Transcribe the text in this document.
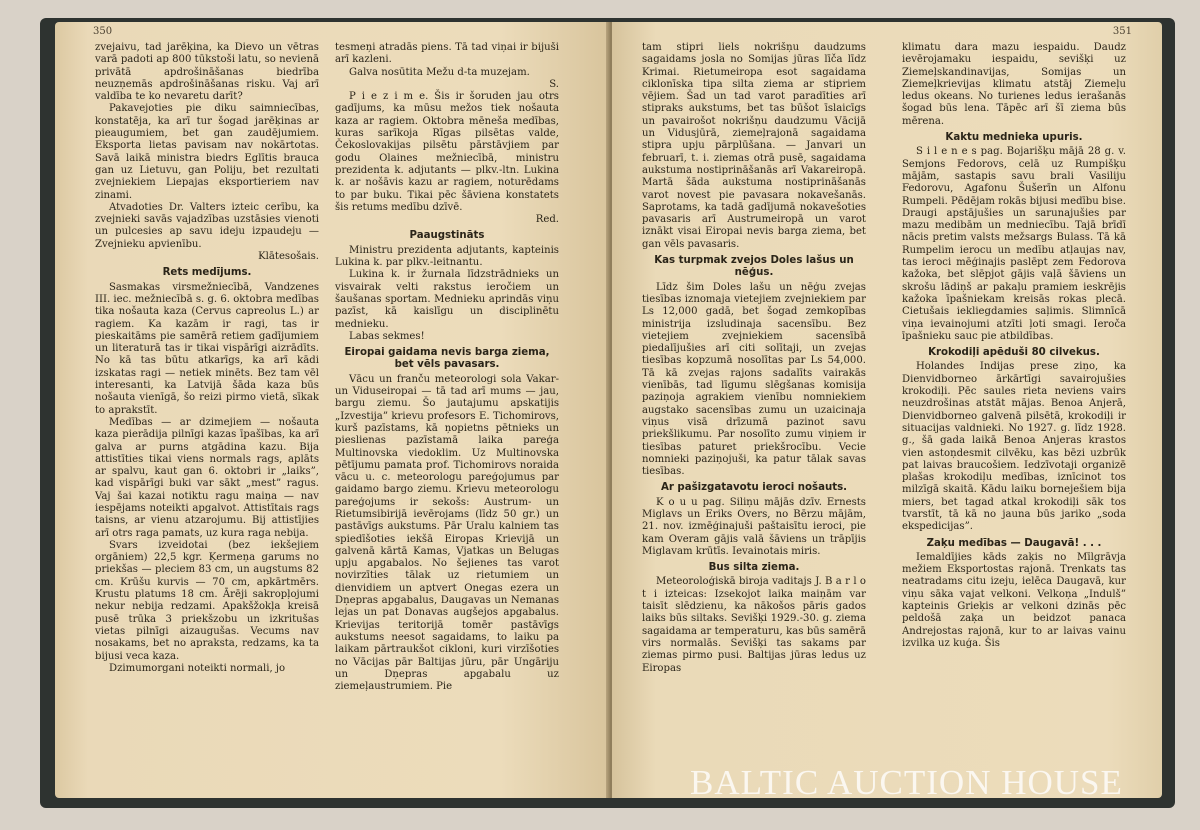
350

zvejaivu, tad jarēķina, ka Dievo un vētras varā padoti ap 800 tūkstoši latu, so nevienā privātā apdrošināšanas biedrība neuzņemās apdrošināšanas risku. Vaj arī valdība te ko nevaretu darīt?

Pakavejoties pie diku saimniecības, konstatēja, ka arī tur šogad jarēķinas ar pieaugumiem, bet gan zaudējumiem. Eksporta lietas pavisam nav nokārtotas. Savā laikā ministra biedrs Eglītis brauca gan uz Lietuvu, gan Poliju, bet rezultati zvejniekiem Liepajas eksportieriem nav zinami.

Atvadoties Dr. Valters izteic cerību, ka zvejnieki savās vajadzības uzstāsies vienoti un pulcesies ap savu ideju izpaudeju — Zvejnieku apvienību.

Klātesošais.

Rets medījums.

Sasmakas virsmežniecībā, Vandzenes III. iec. mežniecībā s. g. 6. oktobra medības tika nošauta kaza (Cervus capreolus L.) ar ragiem. Ka kazām ir ragi, tas ir pieskaitāms pie samērā retiem gadījumiem un literaturā tas ir tikai vispārīgi aizrādīts. No kā tas būtu atkarīgs, ka arī kādi izskatas ragi — netiek minēts. Bez tam vēl interesanti, ka Latvijā šāda kaza būs nošauta vienīgā, šo reizi pirmo vietā, sīkak to aprakstīt.

Medības — ar dzimejiem — nošauta kaza pierādija pilnīgi kazas īpašības, ka arī galva ar purns atgādina kazu. Bija attistīties tikai viens normals rags, aplāts ar spalvu, kaut gan 6. oktobri ir „laiks”, kad vispārīgi buki var sākt „mest” ragus. Vaj šai kazai notiktu ragu maiņa — nav iespējams noteikti apgalvot. Attistītais rags taisns, ar vienu atzarojumu. Bij attistījies arī otrs raga pamats, uz kura raga nebija.

Svars izveidotai (bez iekšejiem orgāniem) 22,5 kgr. Ķermeņa garums no priekšas — pleciem 83 cm, un augstums 82 cm. Krūšu kurvis — 70 cm, apkārtmērs. Krustu platums 18 cm. Ārēji sakropļojumi nekur nebija redzami. Apakšžokļa kreisā pusē trūka 3 priekšzobu un izkritušas vietas pilnīgi aizaugušas. Vecums nav nosakams, bet no apraksta, redzams, ka ta bijusi veca kaza.

Dzimumorgani noteikti normali, jo

tesmeņi atradās piens. Tā tad viņai ir bijuši arī kazleni.

Galva nosūtita Mežu d-ta muzejam.

S.

P i e z i m e. Šis ir šoruden jau otrs gadījums, ka mūsu mežos tiek nošauta kaza ar ragiem. Oktobra mēneša medības, kuras sarīkoja Rīgas pilsētas valde, Čekoslovakijas pilsētu pārstāvjiem par godu Olaines mežniecībā, ministru prezidenta k. adjutants — plkv.-ltn. Lukina k. ar nošāvis kazu ar ragiem, noturēdams to par buku. Tikai pēc šāviena konstatets šis retums medību dzīvē.

Red.

Paaugstināts

Ministru prezidenta adjutants, kapteinis Lukina k. par plkv.-leitnantu.

Lukina k. ir žurnala līdzstrādnieks un visvairak velti rakstus ieročiem un šaušanas sportam. Mednieku aprindās viņu pazīst, kā kaislīgu un disciplinētu mednieku.

Labas sekmes!

Eiropai gaidama nevis barga ziema, bet vēls pavasars.

Vācu un franču meteorologi sola Vakar- un Viduseiropai — tā tad arī mums — jau, bargu ziemu. Šo jautajumu apskatijis „Izvestija” krievu profesors E. Tichomirovs, kurš pazīstams, kā ņopietns pētnieks un pieslienas pazīstamā laika pareģa Multinovska viedoklim. Uz Multinovska pētījumu pamata prof. Tichomirovs noraida vācu u. c. meteorologu pareģojumus par gaidamo bargo ziemu. Krievu meteorologu pareģojums ir sekošs: Austrum- un Rietumsibirijā ievērojams (līdz 50 gr.) un pastāvīgs aukstums. Pār Uralu kalniem tas spiedīšoties iekšā Eiropas Krievijā un galvenā kārtā Kamas, Vjatkas un Belugas upju apgabalos. No šejienes tas varot novirzīties tālak uz rietumiem un dienvidiem un aptvert Onegas ezera un Dņepras apgabalus, Daugavas un Nemanas lejas un pat Donavas augšejos apgabalus. Krievijas teritorijā tomēr pastāvīgs aukstums neesot sagaidams, to laiku pa laikam pārtraukšot cikloni, kuri virzīšoties no Vācijas pār Baltijas jūru, pār Ungāriju un Dņepras apgabalu uz ziemeļaustrumiem. Pie

351

tam stipri liels nokrišņu daudzums sagaidams josla no Somijas jūras līča līdz Krimai. Rietumeiropa esot sagaidama ciklonīska tipa silta ziema ar stipriem vējiem. Šad un tad varot paradīties arī stipraks aukstums, bet tas būšot īslaicīgs un pavairošot nokrišņu daudzumu Vācijā un Vidusjūrā, ziemeļrajonā sagaidama stipra upju pārplūšana. — Janvari un februarī, t. i. ziemas otrā pusē, sagaidama aukstuma nostiprināšanās arī Vakareiropā. Martā šāda aukstuma nostiprināšanās varot novest pie pavasara nokavešanās. Saprotams, ka tadā gadījumā nokavešoties pavasaris arī Austrumeiropā un varot iznākt visai Eiropai nevis barga ziema, bet gan vēls pavasaris.

Kas turpmak zvejos Doles lašus un nēģus.

Līdz šim Doles lašu un nēģu zvejas tiesības iznomaja vietejiem zvejniekiem par Ls 12,000 gadā, bet šogad zemkopības ministrija izsludinaja sacensību. Bez vietejiem zvejniekiem sacensībā piedalījušies arī citi solītaji, un zvejas tiesības kopzumā nosolītas par Ls 54,000. Tā kā zvejas rajons sadalīts vairakās vienībās, tad līgumu slēgšanas komisija paziņoja agrakiem vienību nomniekiem augstako sacensības zumu un uzaicinaja viņus visā drīzumā pazinot savu priekšlikumu. Par nosolīto zumu viņiem ir tiesības paturet priekšrocību. Vecie nomnieki paziņojuši, ka patur tālak savas tiesības.

Ar pašizgatavotu ieroci nošauts.

K o u u pag. Siliņu mājās dzīv. Ernests Miglavs un Eriks Overs, no Bērzu mājām, 21. nov. izmēģinajuši paštaisītu ieroci, pie kam Overam gājis valā šāviens un trāpījis Miglavam krūtīs. Ievainotais miris.

Bus silta ziema.

Meteoroloģiskā biroja vaditajs J. B a r l o t i izteicas: Izsekojot laika maiņām var taisīt slēdzienu, ka nākošos pāris gados laiks būs siltaks. Sevišķi 1929.-30. g. ziema sagaidama ar temperaturu, kas būs samērā virs normalās. Sevišķi tas sakams par ziemas pirmo pusi. Baltijas jūras ledus uz Eiropas

klimatu dara mazu iespaidu. Daudz ievērojamaku iespaidu, sevišķi uz Ziemeļskandinavijas, Somijas un Ziemeļkrievijas klimatu atstāj Ziemeļu ledus okeans. No turienes ledus ierašanās šogad būs lena. Tāpēc arī šī ziema būs mērena.

Kaktu mednieka upuris.

S i l e n e s pag. Bojarišķu mājā 28 g. v. Semjons Fedorovs, celā uz Rumpišķu mājām, sastapis savu brali Vasiliju Fedorovu, Agafonu Šušerīn un Alfonu Rumpeli. Pēdējam rokās bijusi medību bise. Draugi apstājušies un sarunajušies par mazu medibām un medniecību. Tajā brīdī nācis pretim valsts mežsargs Bulass. Tā kā Rumpelim ierocu un medību atļaujas nav, tas ieroci mēģinajis paslēpt zem Fedorova kažoka, bet slēpjot gājis vaļā šāviens un skrošu lādiņš ar pakaļu pramiem ieskrējis kažoka īpašniekam kreisās rokas plecā. Cietušais iekliegdamies saļimis. Slimnīcā viņa ievainojumi atzīti ļoti smagi. Ieroča īpašnieku sauc pie atbildības.

Krokodiļi apēduši 80 cilvekus.

Holandes Indijas prese ziņo, ka Dienvidborneo ārkārtīgi savairojušies krokodiļi. Pēc saules rieta neviens vairs neuzdrošinas atstāt mājas. Benoa Anjerā, Dienvidborneo galvenā pilsētā, krokodiļi ir situacijas valdnieki. No 1927. g. līdz 1928. g., šā gada laikā Benoa Anjeras krastos vien astoņdesmit cilvēku, kas bēzi uzbrūk pat laivas braucošiem. Iedzīvotaji organizē plašas krokodiļu medības, iznīcinot tos milzīgā skaitā. Kādu laiku borneješiem bija miers, bet tagad atkal krokodiļi sāk tos tvarstīt, tā kā no jauna būs jariko „soda ekspedicijas”.

Zaķu medības — Daugavā! . . .

Iemaldījies kāds zaķis no Mīlgrāvja mežiem Eksportostas rajonā. Trenkats tas neatradams citu izeju, ielēca Daugavā, kur viņu sāka vajat velkoni. Velkoņa „Indulš” kapteinis Grieķis ar velkoni dzinās pēc peldošā zaķa un beidzot panaca Andrejostas rajonā, kur to ar laivas vainu izvilka uz kuģa. Šis

BALTIC AUCTION HOUSE
